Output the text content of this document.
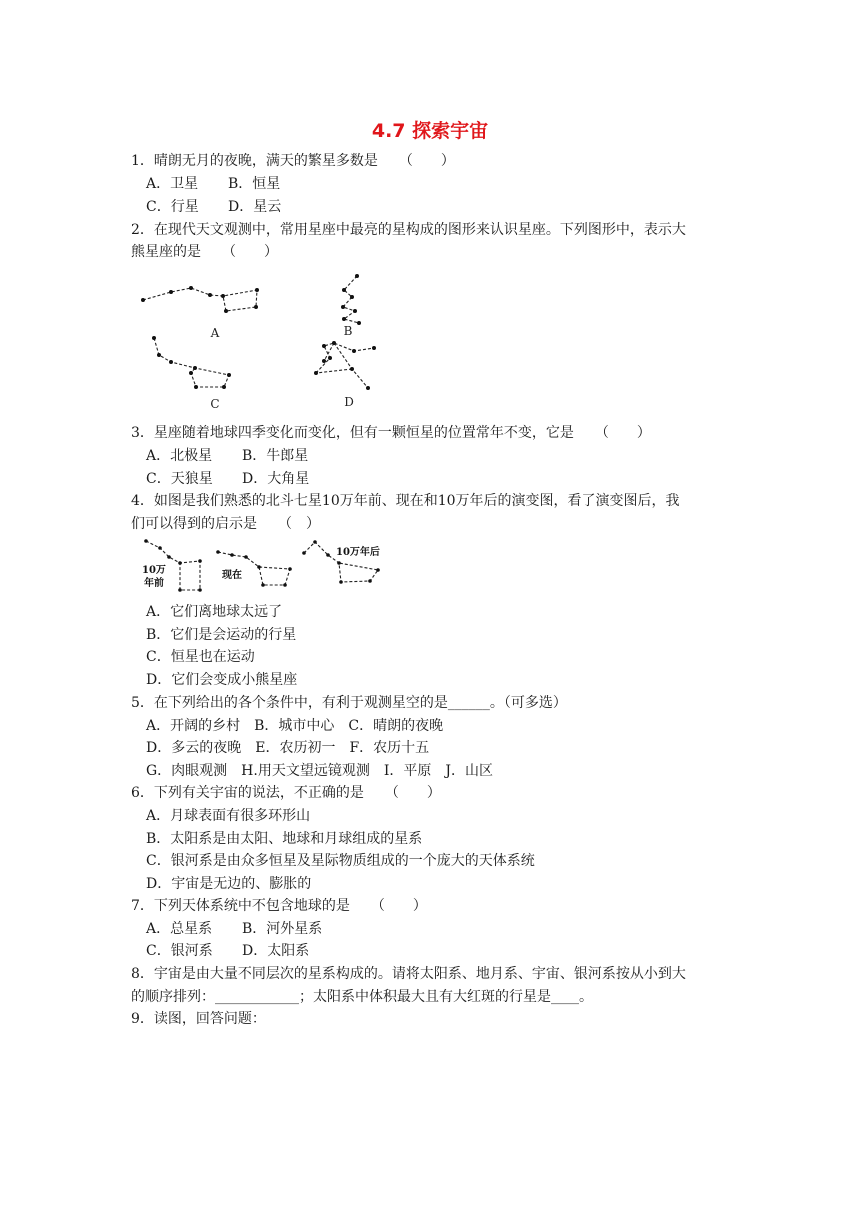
4.7 探索宇宙
1．晴朗无月的夜晚，满天的繁星多数是　　（　　）
A．卫星 B．恒星
C．行星 D．星云
2．在现代天文观测中，常用星座中最亮的星构成的图形来认识星座。下列图形中，表示大
熊星座的是　　（　　）
A	B
C	D
3．星座随着地球四季变化而变化，但有一颗恒星的位置常年不变，它是　　（　　）
A．北极星 B．牛郎星
C．天狼星 D．大角星
4．如图是我们熟悉的北斗七星10万年前、现在和10万年后的演变图，看了演变图后，我
们可以得到的启示是　　（　）
10万
年前
现在
10万年后
A．它们离地球太远了
B．它们是会运动的行星
C．恒星也在运动
D．它们会变成小熊星座
5．在下列给出的各个条件中，有利于观测星空的是______。（可多选）
A．开阔的乡村　B．城市中心　C．晴朗的夜晚
D．多云的夜晚　E．农历初一　F．农历十五
G．肉眼观测　H.用天文望远镜观测　I．平原　J．山区
6．下列有关宇宙的说法，不正确的是　　（　　）
A．月球表面有很多环形山
B．太阳系是由太阳、地球和月球组成的星系
C．银河系是由众多恒星及星际物质组成的一个庞大的天体系统
D．宇宙是无边的、膨胀的
7．下列天体系统中不包含地球的是　　（　　）
A．总星系 B．河外星系
C．银河系 D．太阳系
8．宇宙是由大量不同层次的星系构成的。请将太阳系、地月系、宇宙、银河系按从小到大
的顺序排列：____________；太阳系中体积最大且有大红斑的行星是____。
9．读图，回答问题：
